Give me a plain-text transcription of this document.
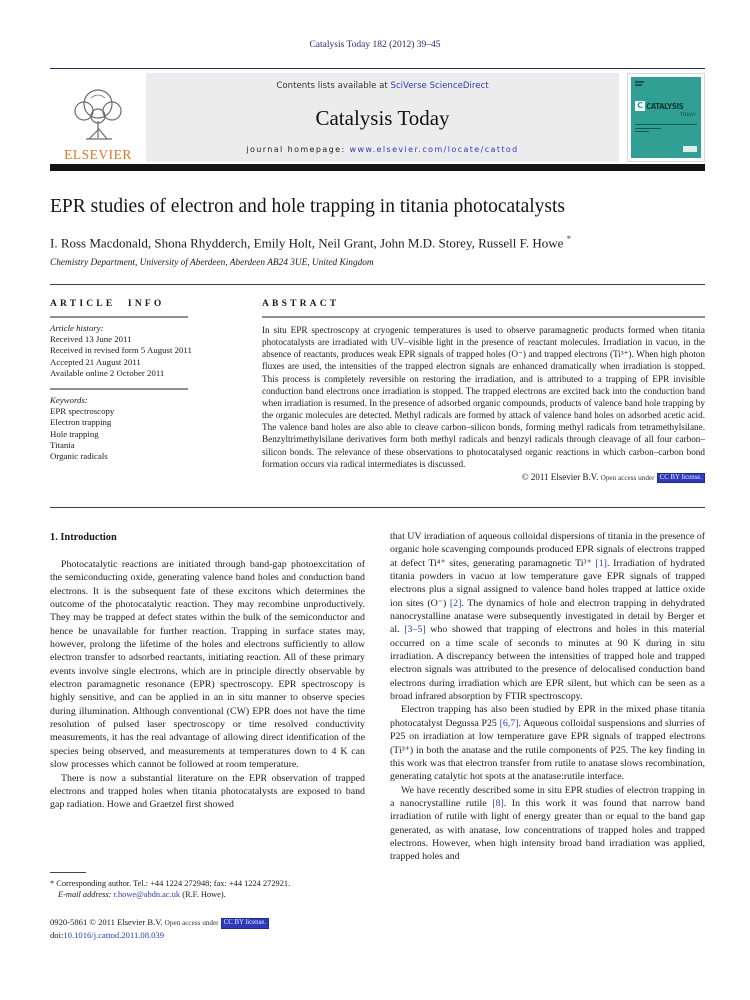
Catalysis Today 182 (2012) 39–45
ELSEVIER
Contents lists available at SciVerse ScienceDirect
Catalysis Today
journal homepage: www.elsevier.com/locate/cattod
C CATALYSIS
TODAY
EPR studies of electron and hole trapping in titania photocatalysts
I. Ross Macdonald, Shona Rhydderch, Emily Holt, Neil Grant, John M.D. Storey, Russell F. Howe *
Chemistry Department, University of Aberdeen, Aberdeen AB24 3UE, United Kingdom
ARTICLE INFO
Article history:
Received 13 June 2011
Received in revised form 5 August 2011
Accepted 21 August 2011
Available online 2 October 2011
Keywords:
EPR spectroscopy
Electron trapping
Hole trapping
Titania
Organic radicals
ABSTRACT
In situ EPR spectroscopy at cryogenic temperatures is used to observe paramagnetic products formed when titania photocatalysts are irradiated with UV–visible light in the presence of reactant molecules. Irradiation in vacuo, in the absence of reactants, produces weak EPR signals of trapped holes (O⁻) and trapped electrons (Ti³⁺). When high photon fluxes are used, the intensities of the trapped electron signals are enhanced dramatically when irradiation is stopped. This process is completely reversible on restoring the irradiation, and is attributed to a trapping of EPR invisible conduction band electrons once irradiation is stopped. The trapped electrons are excited back into the conduction band when irradiation is resumed. In the presence of adsorbed organic compounds, products of valence band hole trapping by the organic molecules are detected. Methyl radicals are formed by attack of valence band holes on adsorbed acetic acid. The valence band holes are also able to cleave carbon–silicon bonds, forming methyl radicals from tetramethylsilane. Benzyltrimethylsilane derivatives form both methyl radicals and benzyl radicals through cleavage of all four carbon–silicon bonds. The relevance of these observations to photocatalysed organic reactions in which carbon–carbon bond formation occurs via radical intermediates is discussed.
© 2011 Elsevier B.V. Open access under CC BY license.
1. Introduction

Photocatalytic reactions are initiated through band-gap photoexcitation of the semiconducting oxide, generating valence band holes and conduction band electrons. It is the subsequent fate of these excitons which determines the outcome of the photocatalytic reaction. They may recombine unproductively. They may be trapped at defect states within the bulk of the semiconductor and hence be unavailable for further reaction. Trapping in surface states may, however, prolong the lifetime of the holes and electrons sufficiently to allow electron transfer to adsorbed reactants, initiating reaction. All of these primary events involve single electrons, which are in principle directly observable by electron paramagnetic resonance (EPR) spectroscopy. EPR spectroscopy is highly sensitive, and can be applied in an in situ manner to observe species during illumination. Although conventional (CW) EPR does not have the time resolution of pulsed laser spectroscopy or time resolved conductivity measurements, it has the real advantage of allowing direct identification of the species being observed, and measurements at temperatures down to 4 K can slow processes which cannot be followed at room temperature.

There is now a substantial literature on the EPR observation of trapped electrons and trapped holes when titania photocatalysts are exposed to band gap radiation. Howe and Graetzel first showed

that UV irradiation of aqueous colloidal dispersions of titania in the presence of organic hole scavenging compounds produced EPR signals of electrons trapped at defect Ti⁴⁺ sites, generating paramagnetic Ti³⁺ [1]. Irradiation of hydrated titania powders in vacuo at low temperature gave EPR signals of trapped electrons plus a signal assigned to valence band holes trapped at lattice oxide ion sites (O⁻) [2]. The dynamics of hole and electron trapping in dehydrated nanocrystalline anatase were subsequently investigated in detail by Berger et al. [3–5] who showed that trapping of electrons and holes in this material occurred on a time scale of seconds to minutes at 90 K during in situ irradiation. A discrepancy between the intensities of trapped hole and trapped electron signals was attributed to the presence of delocalised conduction band electrons during irradiation which are EPR silent, but which can be seen as a broad infrared absorption by FTIR spectroscopy.

Electron trapping has also been studied by EPR in the mixed phase titania photocatalyst Degussa P25 [6,7]. Aqueous colloidal suspensions and slurries of P25 on irradiation at low temperature gave EPR signals of trapped electrons (Ti³⁺) in both the anatase and the rutile components of P25. The key finding in this work was that electron transfer from rutile to anatase slows recombination, generating catalytic hot spots at the anatase:rutile interface.

We have recently described some in situ EPR studies of electron trapping in a nanocrystalline rutile [8]. In this work it was found that narrow band irradiation of rutile with light of energy greater than or equal to the band gap generated, as with anatase, low concentrations of trapped holes and trapped electrons. However, when high intensity broad band irradiation was applied, trapped holes and

* Corresponding author. Tel.: +44 1224 272948; fax: +44 1224 272921.
E-mail address: r.howe@abdn.ac.uk (R.F. Howe).
0920-5861 © 2011 Elsevier B.V. Open access under CC BY license.
doi:10.1016/j.cattod.2011.08.039
